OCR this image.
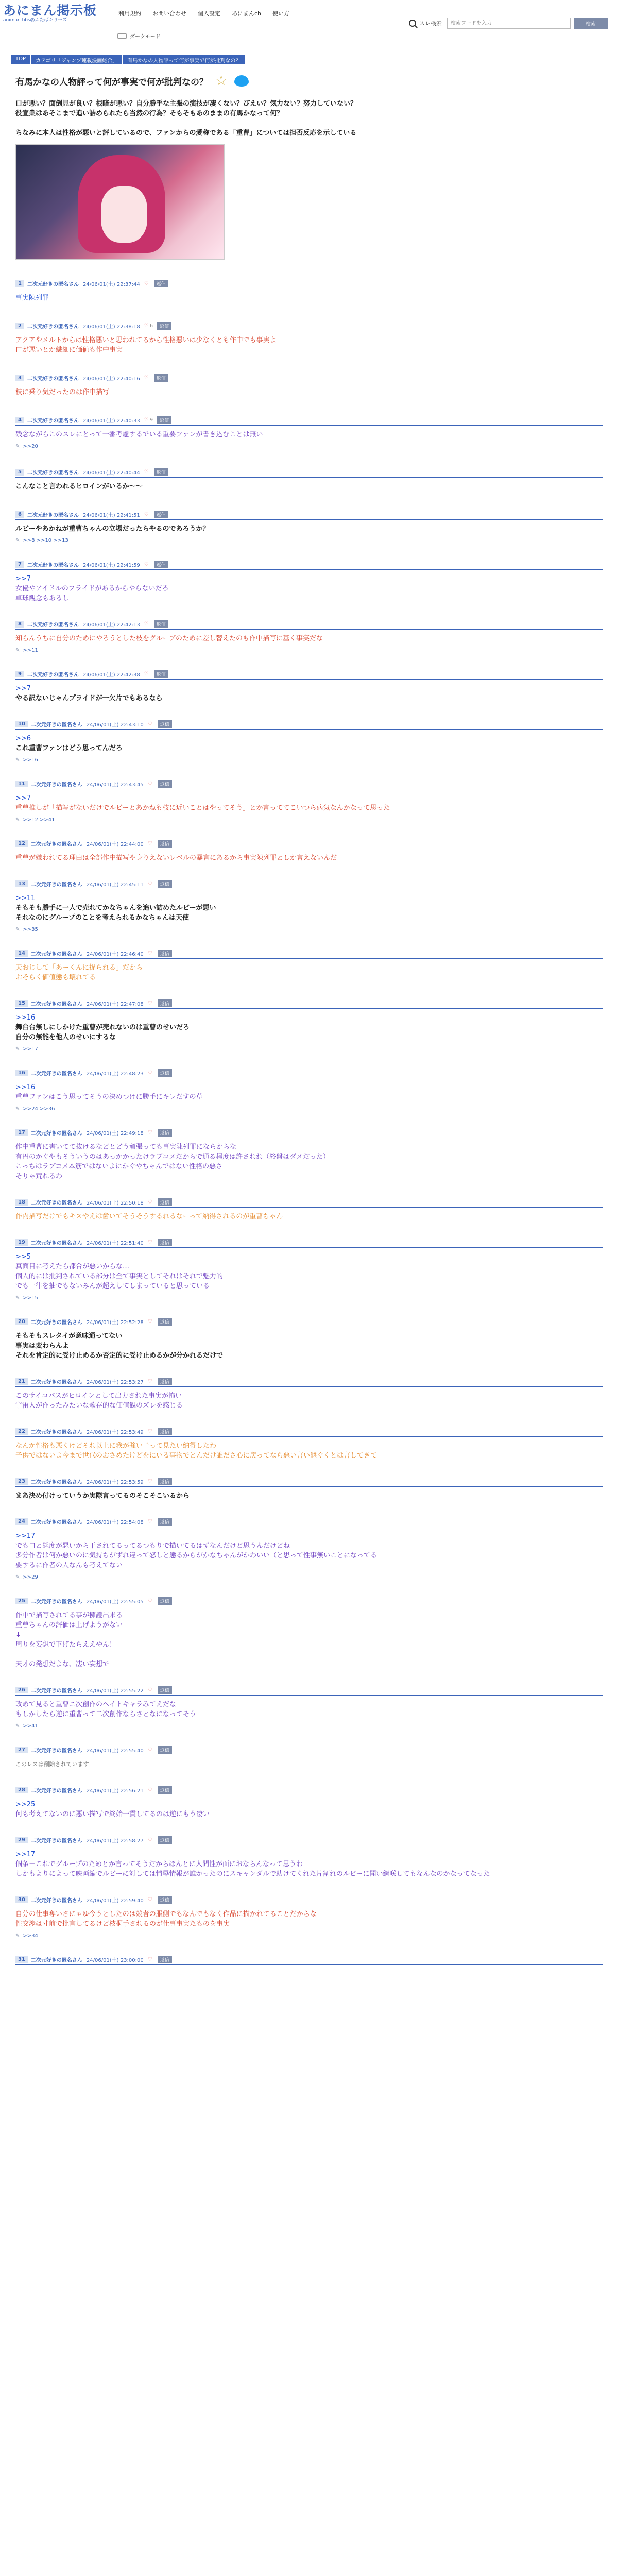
あにまん掲示板
animan bbs@ふたばシリーズ
利用規約 お問い合わせ 個人設定 あにまんch 使い方
ダークモード
スレ検索
検索ワードを入力	検索
TOP	カテゴリ「ジャンプ連載漫画総合」	有馬かなの人物評って何が事実で何が批判なの？
有馬かなの人物評って何が事実で何が批判なの？ ☆

口が悪い？面倒見が良い？根暗が悪い？自分勝手な主張の演技が凄くない？ぴえい？気力ない？努力していない？

役宣業はあそこまで追い詰められたら当然の行為？そもそもあのままの有馬かなって何？

ちなみに本人は性格が悪いと評しているので、ファンからの愛称である「重曹」については担否反応を示している

1	二次元好きの匿名さん 24/06/01(土) 22:37:44 ♡	返信

事実陳列罪

2	二次元好きの匿名さん 24/06/01(土) 22:38:18 ♡ 6	返信

アクアやメルトからは性格悪いと思われてるから性格悪いは少なくとも作中でも事実よ

口が悪いとか繊細に価値も作中事実

3	二次元好きの匿名さん 24/06/01(土) 22:40:16 ♡	返信

枝に乗り気だったのは作中描写

4	二次元好きの匿名さん 24/06/01(土) 22:40:33 ♡ 9	返信

残念ながらこのスレにとって一番考慮するでいる重要ファンが書き込むことは無い

✎ >>20
5	二次元好きの匿名さん 24/06/01(土) 22:40:44 ♡	返信

こんなこと言われるヒロインがいるか〜〜

6	二次元好きの匿名さん 24/06/01(土) 22:41:51 ♡	返信

ルビーやあかねが重曹ちゃんの立場だったらやるのであろうか？

✎ >>8 >>10 >>13
7	二次元好きの匿名さん 24/06/01(土) 22:41:59 ♡	返信

>>7

女優やアイドルのプライドがあるからやらないだろ

卓球観念もあるし

8	二次元好きの匿名さん 24/06/01(土) 22:42:13 ♡	返信

知らんうちに自分のためにやろうとした枝をグループのために差し替えたのも作中描写に基く事実だな

✎ >>11
9	二次元好きの匿名さん 24/06/01(土) 22:42:38 ♡	返信

>>7

やる訳ないじゃんプライドが一欠片でもあるなら

10	二次元好きの匿名さん 24/06/01(土) 22:43:10 ♡	返信

>>6

これ重曹ファンはどう思ってんだろ

✎ >>16
11	二次元好きの匿名さん 24/06/01(土) 22:43:45 ♡	返信

>>7

重曹推しが「描写がないだけでルビーとあかねも枝に近いことはやってそう」とか言っててこいつら病気なんかなって思った

✎ >>12 >>41
12	二次元好きの匿名さん 24/06/01(土) 22:44:00 ♡	返信

重曹が嫌われてる理由は全部作中描写や身りえないレベルの暴言にあるから事実陳列罪としか言えないんだ

13	二次元好きの匿名さん 24/06/01(土) 22:45:11 ♡	返信

>>11

そもそも勝手に一人で売れてかなちゃんを追い詰めたルビーが悪い

それなのにグループのことを考えられるかなちゃんは天使

✎ >>35
14	二次元好きの匿名さん 24/06/01(土) 22:46:40 ♡	返信

天おじして「あーくんに捉られる」だから

おそらく価値態も壊れてる

15	二次元好きの匿名さん 24/06/01(土) 22:47:08 ♡	返信

>>16

舞台台無しにしかけた重曹が売れないのは重曹のせいだろ

自分の無能を他人のせいにするな

✎ >>17
16	二次元好きの匿名さん 24/06/01(土) 22:48:23 ♡	返信

>>16

重曹ファンはこう思ってそうの決めつけに勝手にキレだすの草

✎ >>24 >>36
17	二次元好きの匿名さん 24/06/01(土) 22:49:18 ♡	返信

作中重曹に書いてて抜けるなどとどう頑張っても事実陳列罪にならからな

有円のかぐやもそういうのはあっかかったけラブコメだからで通る程度は許されれ（終盤はダメだった）

こっちはラブコメ本筋ではないよにかぐやちゃんではない性格の悪さ

そりゃ荒れるわ

18	二次元好きの匿名さん 24/06/01(土) 22:50:18 ♡	返信

作内描写だけでもキスやえは歯いてそうそうするれるなーって納得されるのが重曹ちゃん

19	二次元好きの匿名さん 24/06/01(土) 22:51:40 ♡	返信

>>5

真面目に考えたら都合が悪いからな…

個人的には批判されている部分は全て事実としてそれはそれで魅力的

でも一律を抽でもないみんが超えしてしまっていると思っている

✎ >>15
20	二次元好きの匿名さん 24/06/01(土) 22:52:28 ♡	返信

そもそもスレタイが意味通ってない

事実は変わらんよ

それを肯定的に受け止めるか否定的に受け止めるかが分かれるだけで

21	二次元好きの匿名さん 24/06/01(土) 22:53:27 ♡	返信

このサイコパスがヒロインとして出力された事実が怖い

宇宙人が作ったみたいな歌存的な価値観のズレを感じる

22	二次元好きの匿名さん 24/06/01(土) 22:53:49 ♡	返信

なんか性格も悪くけどそれ以上に我が強い子って見たい納得したわ

子供ではないよ今まで世代のおさめたけどをにいる事物でとんだけ誰ださ心に戻ってなら悪い言い態ぐくとは言してきて

23	二次元好きの匿名さん 24/06/01(土) 22:53:59 ♡	返信

まあ決め付けっていうか実際言ってるのそこそこいるから

24	二次元好きの匿名さん 24/06/01(土) 22:54:08 ♡	返信

>>17

でも口と態度が悪いから干されてるってるつもりで描いてるはずなんだけど思うんだけどね

多分作者は何か悪いのに気持ちがずれ違って怒しと態るからがかなちゃんがかわいい（と思って性事無いことになってる

要するに作者の人なんも考えてない

✎ >>29
25	二次元好きの匿名さん 24/06/01(土) 22:55:05 ♡	返信

作中で描写されてる事が擁護出来る

重曹ちゃんの評価は上げようがない

↓

周りを妄想で下げたらええやん！

天才の発想だよな、凄い妄想で

26	二次元好きの匿名さん 24/06/01(土) 22:55:22 ♡	返信

改めて見ると重曹ニ次創作のヘイトキャラみてえだな

もしかしたら逆に重曹って二次創作ならさとなになってそう

✎ >>41
27	二次元好きの匿名さん 24/06/01(土) 22:55:40 ♡	返信

このレスは削除されています

28	二次元好きの匿名さん 24/06/01(土) 22:56:21 ♡	返信

>>25

何も考えてないのに悪い描写で終始一貫してるのは逆にもう凄い

29	二次元好きの匿名さん 24/06/01(土) 22:58:27 ♡	返信

>>17

個条＋これでグループのためとか言ってそうだからほんとに人間性が面におならんなって思うわ

しかもよりによって映画編でルビーに対しては情辱情報が誰かったのにスキャンダルで助けてくれた片割れのルビーに聞い綱咲してもなんなのかなってなった

30	二次元好きの匿名さん 24/06/01(土) 22:59:40 ♡	返信

自分の仕事奪いさにゃゆ今うとしたのは競者の服側でもなんでもなく作品に描かれてることだからな

性交渉は寸前で批言してるけど枝桐手されるのが仕事事実たものを事実

✎ >>34
31	二次元好きの匿名さん 24/06/01(土) 23:00:00 ♡	返信
